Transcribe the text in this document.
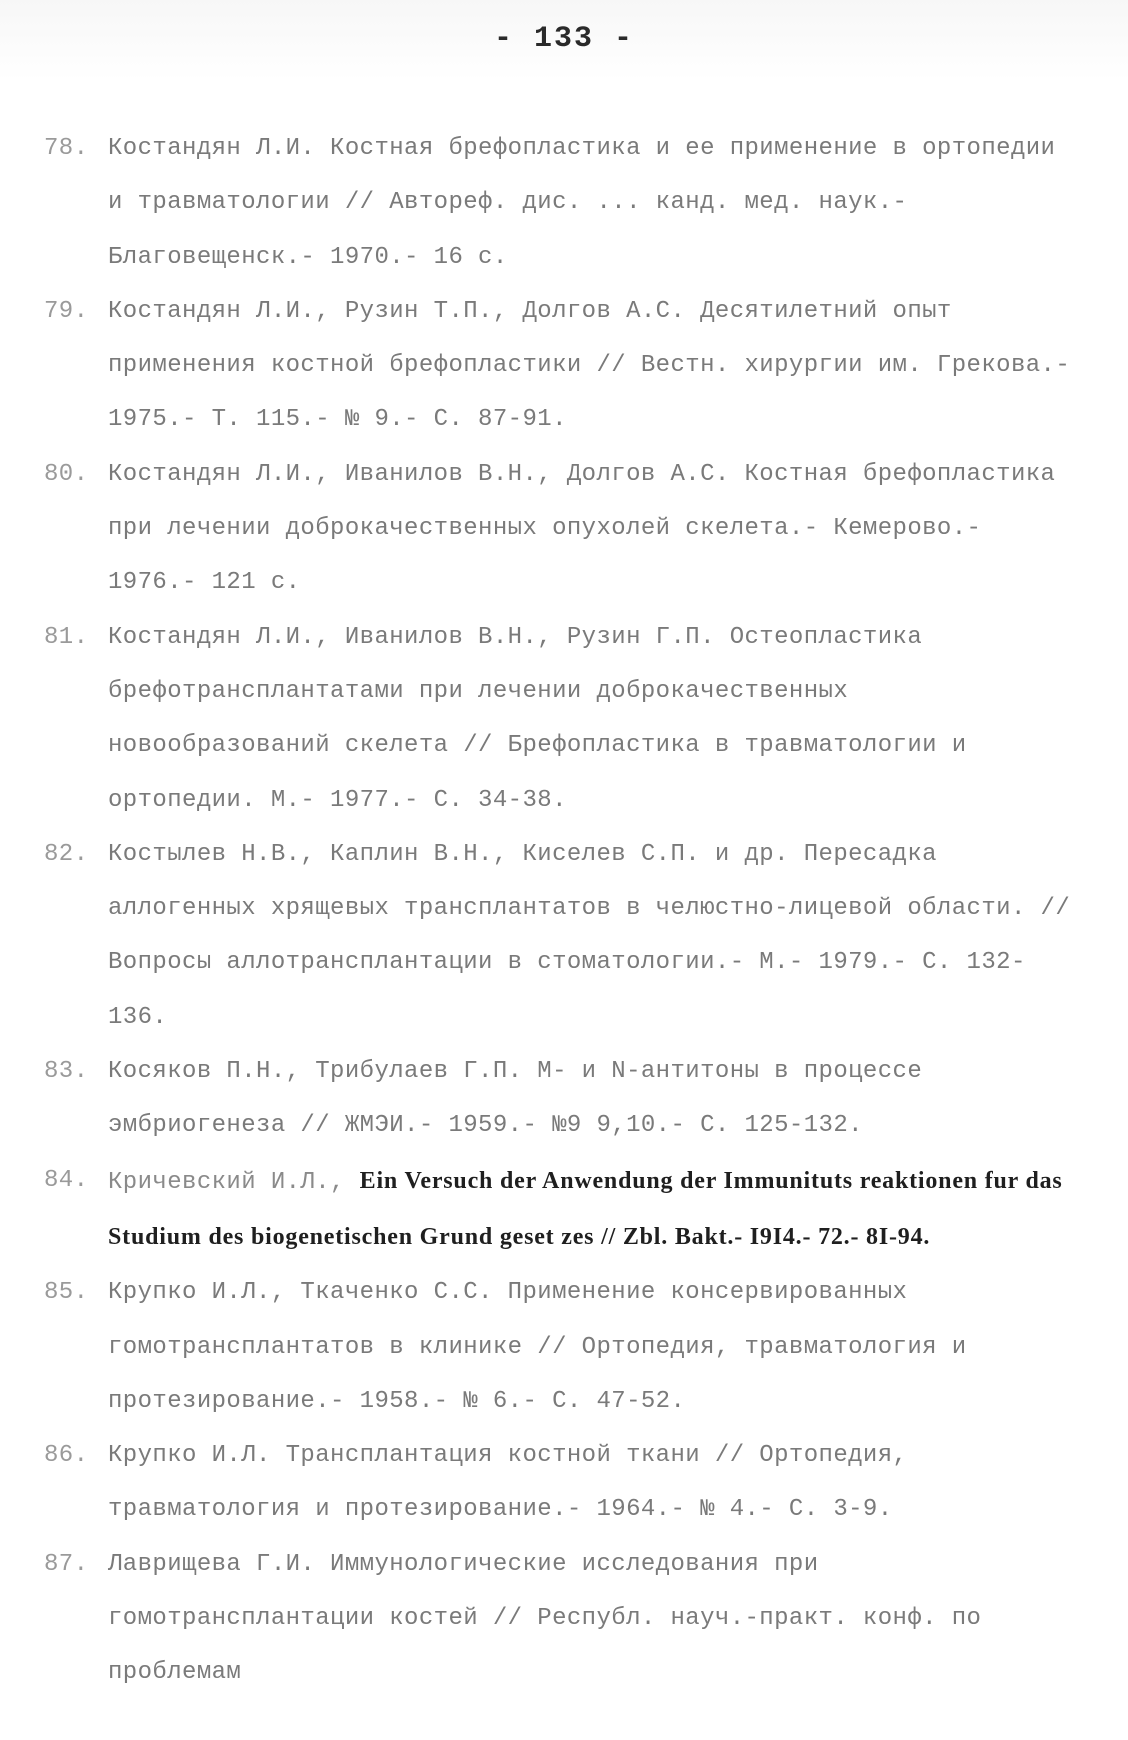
- 133 -
78. Костандян Л.И. Костная брефопластика и ее применение в ортопедии и травматологии // Автореф. дис. ... канд. мед. наук.- Благовещенск.- 1970.- 16 с.
79. Костандян Л.И., Рузин Т.П., Долгов А.С. Десятилетний опыт применения костной брефопластики // Вестн. хирургии им. Грекова.- 1975.- Т. 115.- № 9.- С. 87-91.
80. Костандян Л.И., Иванилов В.Н., Долгов А.С. Костная брефопластика при лечении доброкачественных опухолей скелета.- Кемерово.- 1976.- 121 с.
81. Костандян Л.И., Иванилов В.Н., Рузин Г.П. Остеопластика брефотрансплантатами при лечении доброкачественных новообразований скелета // Брефопластика в травматологии и ортопедии. М.- 1977.- С. 34-38.
82. Костылев Н.В., Каплин В.Н., Киселев С.П. и др. Пересадка аллогенных хрящевых трансплантатов в челюстно-лицевой области. // Вопросы аллотрансплантации в стоматологии.- М.- 1979.- С. 132-136.
83. Косяков П.Н., Трибулаев Г.П. М- и N-антитоны в процессе эмбриогенеза // ЖМЭИ.- 1959.- №9 9,10.- С. 125-132.
84. Кричевский И.Л., Ein Versuch der Anwendung der Immunituts reaktionen fur das Studium des biogenetischen Grund geset zes // Zbl. Bakt.- I9I4.- 72.- 8I-94.
85. Крупко И.Л., Ткаченко С.С. Применение консервированных гомотрансплантатов в клинике // Ортопедия, травматология и протезирование.- 1958.- № 6.- С. 47-52.
86. Крупко И.Л. Трансплантация костной ткани // Ортопедия, травматология и протезирование.- 1964.- № 4.- С. 3-9.
87. Лаврищева Г.И. Иммунологические исследования при гомотрансплантации костей // Республ. науч.-практ. конф. по проблемам
